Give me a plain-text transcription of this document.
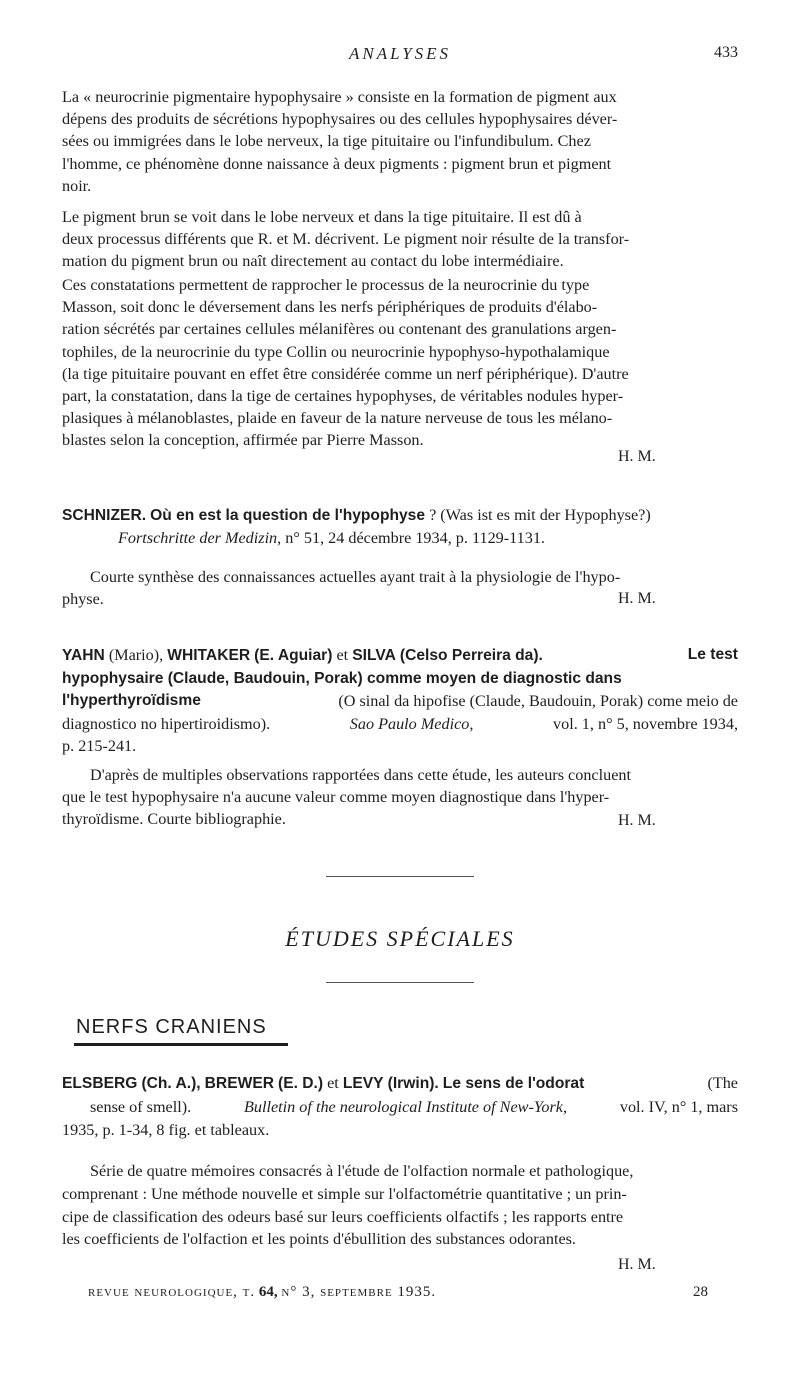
ANALYSES	433
La « neurocrinie pigmentaire hypophysaire » consiste en la formation de pigment aux
dépens des produits de sécrétions hypophysaires ou des cellules hypophysaires déver-
sées ou immigrées dans le lobe nerveux, la tige pituitaire ou l'infundibulum. Chez
l'homme, ce phénomène donne naissance à deux pigments : pigment brun et pigment
noir.
Le pigment brun se voit dans le lobe nerveux et dans la tige pituitaire. Il est dû à
deux processus différents que R. et M. décrivent. Le pigment noir résulte de la transfor-
mation du pigment brun ou naît directement au contact du lobe intermédiaire.
Ces constatations permettent de rapprocher le processus de la neurocrinie du type
Masson, soit donc le déversement dans les nerfs périphériques de produits d'élabo-
ration sécrétés par certaines cellules mélanifères ou contenant des granulations argen-
tophiles, de la neurocrinie du type Collin ou neurocrinie hypophyso-hypothalamique
(la tige pituitaire pouvant en effet être considérée comme un nerf périphérique). D'autre
part, la constatation, dans la tige de certaines hypophyses, de véritables nodules hyper-
plasiques à mélanoblastes, plaide en faveur de la nature nerveuse de tous les mélano-
blastes selon la conception, affirmée par Pierre Masson.
H. M.
SCHNIZER. Où en est la question de l'hypophyse ? (Was ist es mit der Hypophyse?)
Fortschritte der Medizin, n° 51, 24 décembre 1934, p. 1129-1131.
Courte synthèse des connaissances actuelles ayant trait à la physiologie de l'hypo-
physe.	H. M.
YAHN (Mario), WHITAKER (E. Aguiar) et SILVA (Celso Perreira da).	Le test
hypophysaire (Claude, Baudouin, Porak) comme moyen de diagnostic dans
l'hyperthyroïdisme	(O sinal da hipofise (Claude, Baudouin, Porak) come meio de
diagnostico no hipertiroidismo).	Sao Paulo Medico,	vol. 1, n° 5, novembre 1934,
p. 215-241.
D'après de multiples observations rapportées dans cette étude, les auteurs concluent
que le test hypophysaire n'a aucune valeur comme moyen diagnostique dans l'hyper-
thyroïdisme. Courte bibliographie.	H. M.
ÉTUDES SPÉCIALES
NERFS CRANIENS
ELSBERG (Ch. A.), BREWER (E. D.) et LEVY (Irwin). Le sens de l'odorat	(The
sense of smell).	Bulletin of the neurological Institute of New-York,	vol. IV, n° 1, mars
1935, p. 1-34, 8 fig. et tableaux.
Série de quatre mémoires consacrés à l'étude de l'olfaction normale et pathologique,
comprenant : Une méthode nouvelle et simple sur l'olfactométrie quantitative ; un prin-
cipe de classification des odeurs basé sur leurs coefficients olfactifs ; les rapports entre
les coefficients de l'olfaction et les points d'ébullition des substances odorantes.
H. M.
revue neurologique, t. 64, n° 3, septembre 1935.	28
